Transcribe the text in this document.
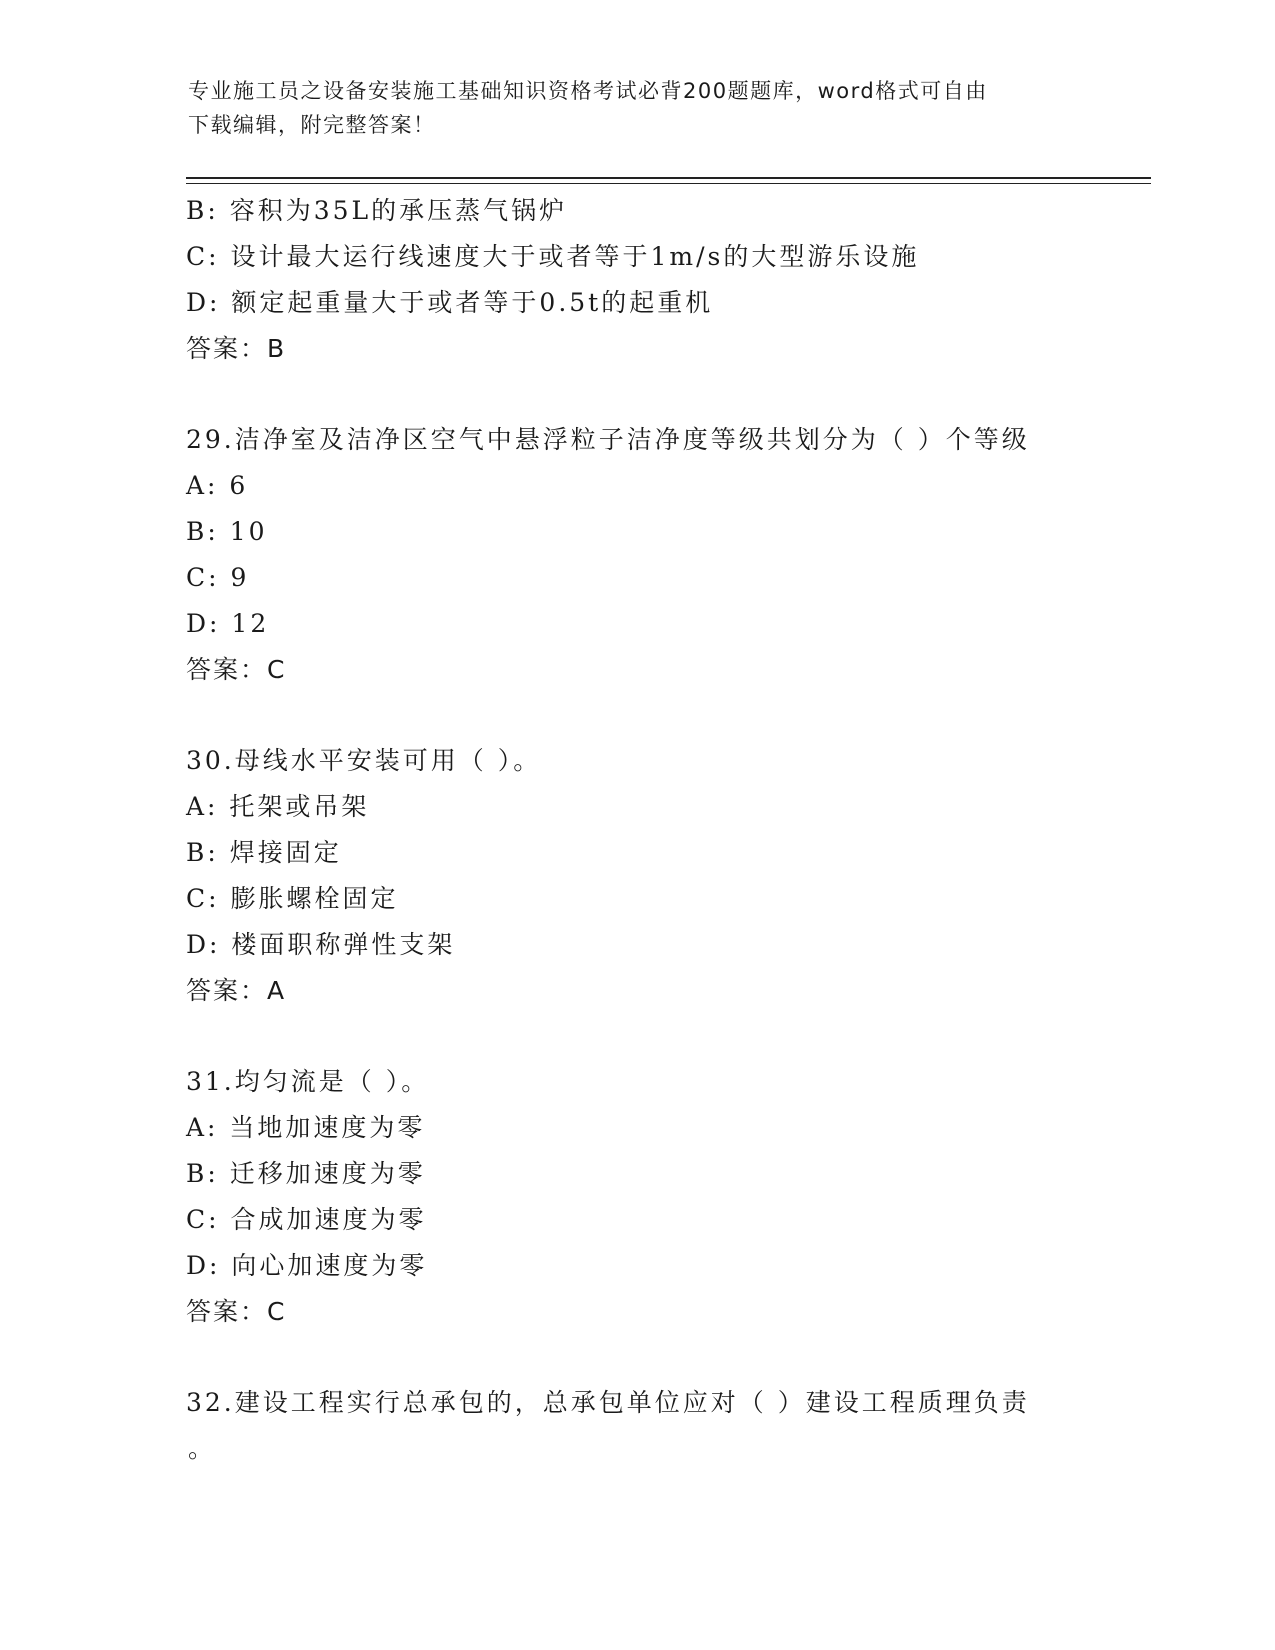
专业施工员之设备安装施工基础知识资格考试必背200题题库，word格式可自由
下载编辑，附完整答案！
B: 容积为35L的承压蒸气锅炉
C: 设计最大运行线速度大于或者等于1m/s的大型游乐设施
D: 额定起重量大于或者等于0.5t的起重机
答案：B
29.洁净室及洁净区空气中悬浮粒子洁净度等级共划分为（ ）个等级
A: 6
B: 10
C: 9
D: 12
答案：C
30.母线水平安装可用（ ）。
A: 托架或吊架
B: 焊接固定
C: 膨胀螺栓固定
D: 楼面职称弹性支架
答案：A
31.均匀流是（ ）。
A: 当地加速度为零
B: 迁移加速度为零
C: 合成加速度为零
D: 向心加速度为零
答案：C
32.建设工程实行总承包的，总承包单位应对（ ）建设工程质理负责
。
